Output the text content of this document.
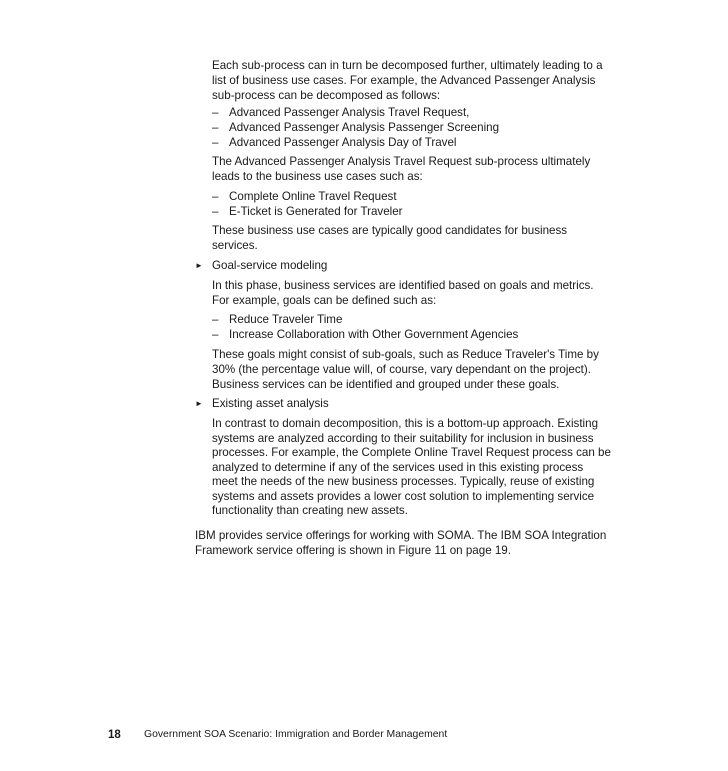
Each sub-process can in turn be decomposed further, ultimately leading to a
list of business use cases. For example, the Advanced Passenger Analysis
sub-process can be decomposed as follows:
– Advanced Passenger Analysis Travel Request,
– Advanced Passenger Analysis Passenger Screening
– Advanced Passenger Analysis Day of Travel
The Advanced Passenger Analysis Travel Request sub-process ultimately
leads to the business use cases such as:
– Complete Online Travel Request
– E-Ticket is Generated for Traveler
These business use cases are typically good candidates for business
services.
► Goal-service modeling
In this phase, business services are identified based on goals and metrics.
For example, goals can be defined such as:
– Reduce Traveler Time
– Increase Collaboration with Other Government Agencies
These goals might consist of sub-goals, such as Reduce Traveler's Time by
30% (the percentage value will, of course, vary dependant on the project).
Business services can be identified and grouped under these goals.
► Existing asset analysis
In contrast to domain decomposition, this is a bottom-up approach. Existing
systems are analyzed according to their suitability for inclusion in business
processes. For example, the Complete Online Travel Request process can be
analyzed to determine if any of the services used in this existing process
meet the needs of the new business processes. Typically, reuse of existing
systems and assets provides a lower cost solution to implementing service
functionality than creating new assets.
IBM provides service offerings for working with SOMA. The IBM SOA Integration
Framework service offering is shown in Figure 11 on page 19.
18 Government SOA Scenario: Immigration and Border Management
